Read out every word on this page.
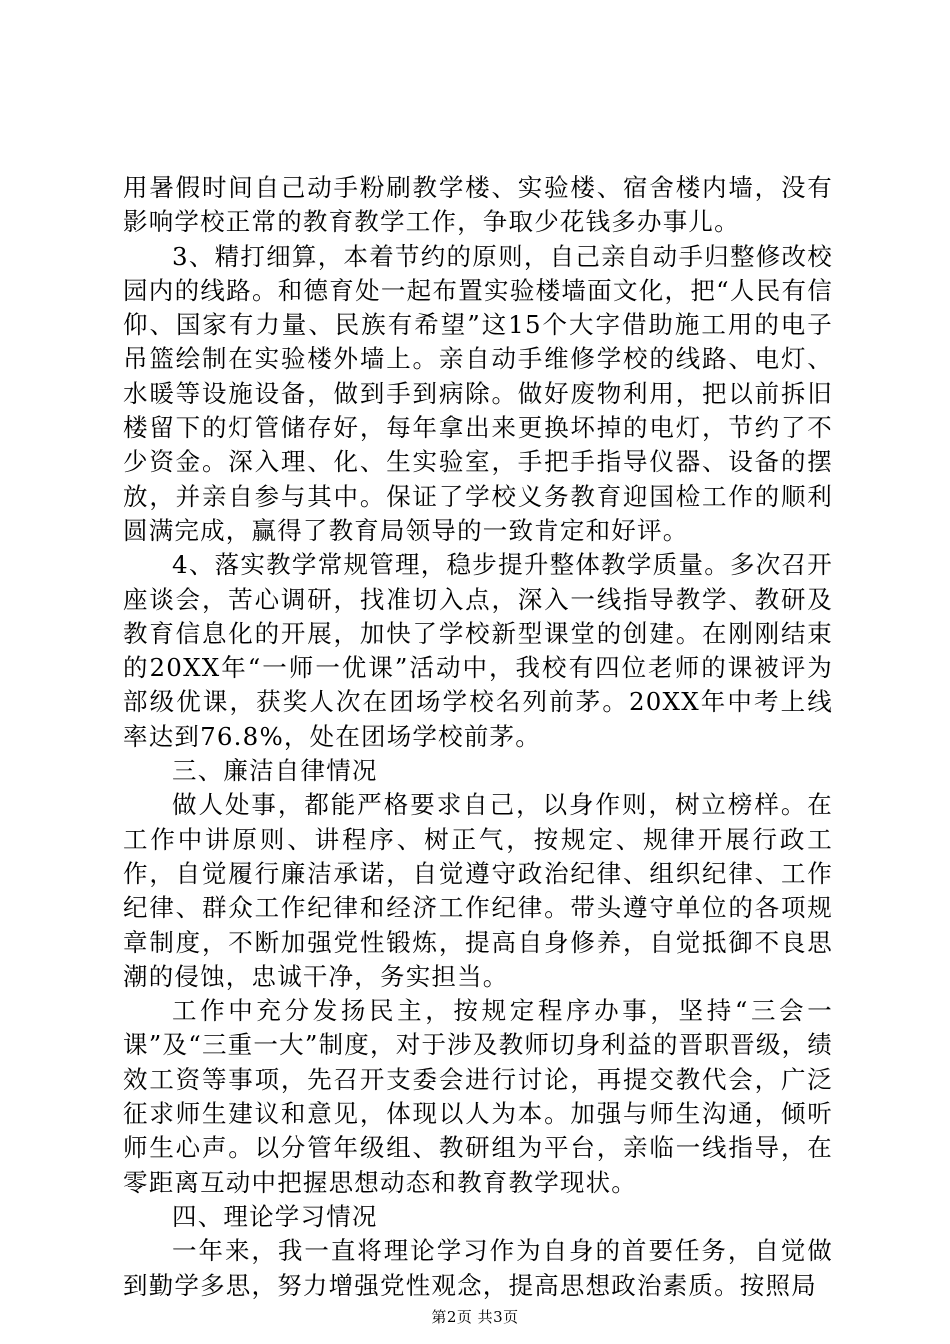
用暑假时间自己动手粉刷教学楼、实验楼、宿舍楼内墙，没有影响学校正常的教育教学工作，争取少花钱多办事儿。

3、精打细算，本着节约的原则，自己亲自动手归整修改校园内的线路。和德育处一起布置实验楼墙面文化，把“人民有信仰、国家有力量、民族有希望”这15个大字借助施工用的电子吊篮绘制在实验楼外墙上。亲自动手维修学校的线路、电灯、水暖等设施设备，做到手到病除。做好废物利用，把以前拆旧楼留下的灯管储存好，每年拿出来更换坏掉的电灯，节约了不少资金。深入理、化、生实验室，手把手指导仪器、设备的摆放，并亲自参与其中。保证了学校义务教育迎国检工作的顺利圆满完成，赢得了教育局领导的一致肯定和好评。

4、落实教学常规管理，稳步提升整体教学质量。多次召开座谈会，苦心调研，找准切入点，深入一线指导教学、教研及教育信息化的开展，加快了学校新型课堂的创建。在刚刚结束的20XX年“一师一优课”活动中，我校有四位老师的课被评为部级优课，获奖人次在团场学校名列前茅。20XX年中考上线率达到76.8%，处在团场学校前茅。

三、廉洁自律情况

做人处事，都能严格要求自己，以身作则，树立榜样。在工作中讲原则、讲程序、树正气，按规定、规律开展行政工作，自觉履行廉洁承诺，自觉遵守政治纪律、组织纪律、工作纪律、群众工作纪律和经济工作纪律。带头遵守单位的各项规章制度，不断加强党性锻炼，提高自身修养，自觉抵御不良思潮的侵蚀，忠诚干净，务实担当。

工作中充分发扬民主，按规定程序办事，坚持“三会一课”及“三重一大”制度，对于涉及教师切身利益的晋职晋级，绩效工资等事项，先召开支委会进行讨论，再提交教代会，广泛征求师生建议和意见，体现以人为本。加强与师生沟通，倾听师生心声。以分管年级组、教研组为平台，亲临一线指导，在零距离互动中把握思想动态和教育教学现状。

四、理论学习情况

一年来，我一直将理论学习作为自身的首要任务，自觉做到勤学多思，努力增强党性观念，提高思想政治素质。按照局

第2页 共3页
